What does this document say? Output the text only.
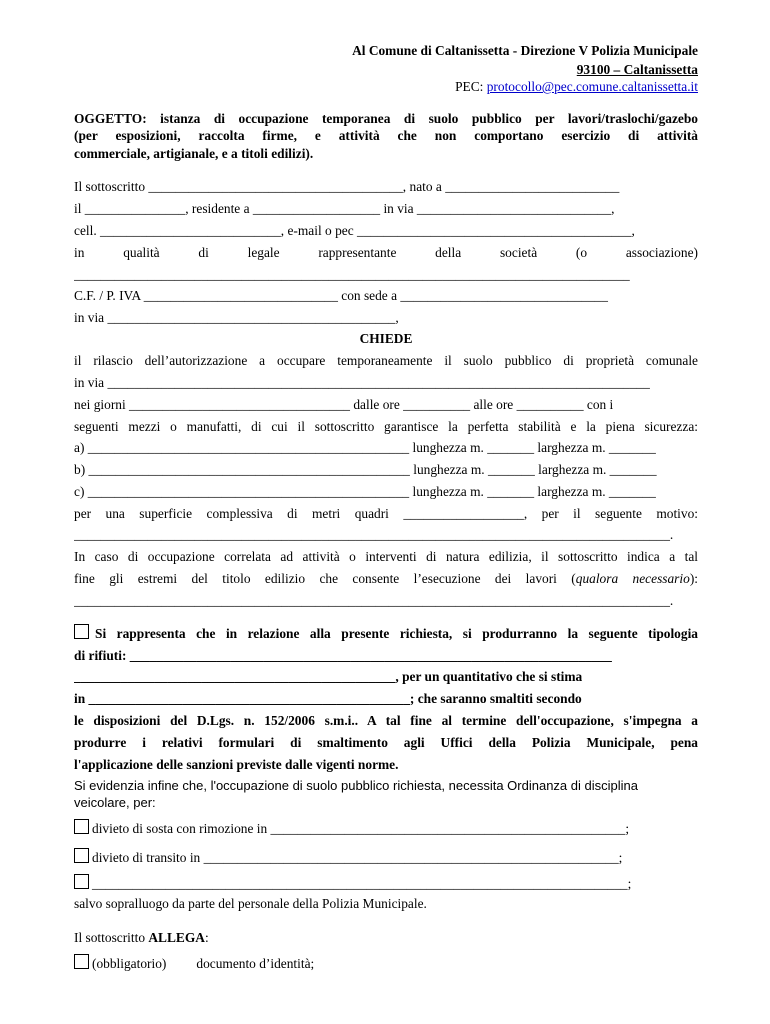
Al Comune di Caltanissetta - Direzione V Polizia Municipale
93100 – Caltanissetta
PEC: protocollo@pec.comune.caltanissetta.it
OGGETTO: istanza di occupazione temporanea di suolo pubblico per lavori/traslochi/gazebo
(per esposizioni, raccolta firme, e attività che non comportano esercizio di attività
commerciale, artigianale, e a titoli edilizi).
Il sottoscritto ______________________________________, nato a __________________________
il _______________, residente a ___________________ in via _____________________________,
cell. ___________________________, e-mail o pec _________________________________________,
in	qualità	di	legale	rappresentante	della	società	(o	associazione)
___________________________________________________________________________________
C.F. / P. IVA _____________________________ con sede a _______________________________
in via ___________________________________________,
CHIEDE
il rilascio dell’autorizzazione a occupare temporaneamente il suolo pubblico di proprietà comunale
in via _________________________________________________________________________________
nei giorni _________________________________ dalle ore __________ alle ore __________ con i
seguenti mezzi o manufatti, di cui il sottoscritto garantisce la perfetta stabilità e la piena sicurezza:
a) ________________________________________________ lunghezza m. _______ larghezza m. _______
b) ________________________________________________ lunghezza m. _______ larghezza m. _______
c) ________________________________________________ lunghezza m. _______ larghezza m. _______
per una superficie complessiva di metri quadri __________________, per il seguente motivo:
_________________________________________________________________________________________.
In caso di occupazione correlata ad attività o interventi di natura edilizia, il sottoscritto indica a tal
fine gli estremi del titolo edilizio che consente l’esecuzione dei lavori (qualora necessario):
_________________________________________________________________________________________.
Si rappresenta che in relazione alla presente richiesta, si produrranno la seguente tipologia
di rifiuti: ________________________________________________________________________
________________________________________________, per un quantitativo che si stima
in ________________________________________________; che saranno smaltiti secondo
le disposizioni del D.Lgs. n. 152/2006 s.m.i.. A tal fine al termine dell'occupazione, s'impegna a
produrre i relativi formulari di smaltimento agli Uffici della Polizia Municipale, pena
l'applicazione delle sanzioni previste dalle vigenti norme.
Si evidenzia infine che, l'occupazione di suolo pubblico richiesta, necessita Ordinanza di disciplina
veicolare, per:
divieto di sosta con rimozione in _____________________________________________________;
divieto di transito in ______________________________________________________________;
________________________________________________________________________________;
salvo sopralluogo da parte del personale della Polizia Municipale.
Il sottoscritto ALLEGA:
(obbligatorio) documento d’identità;
